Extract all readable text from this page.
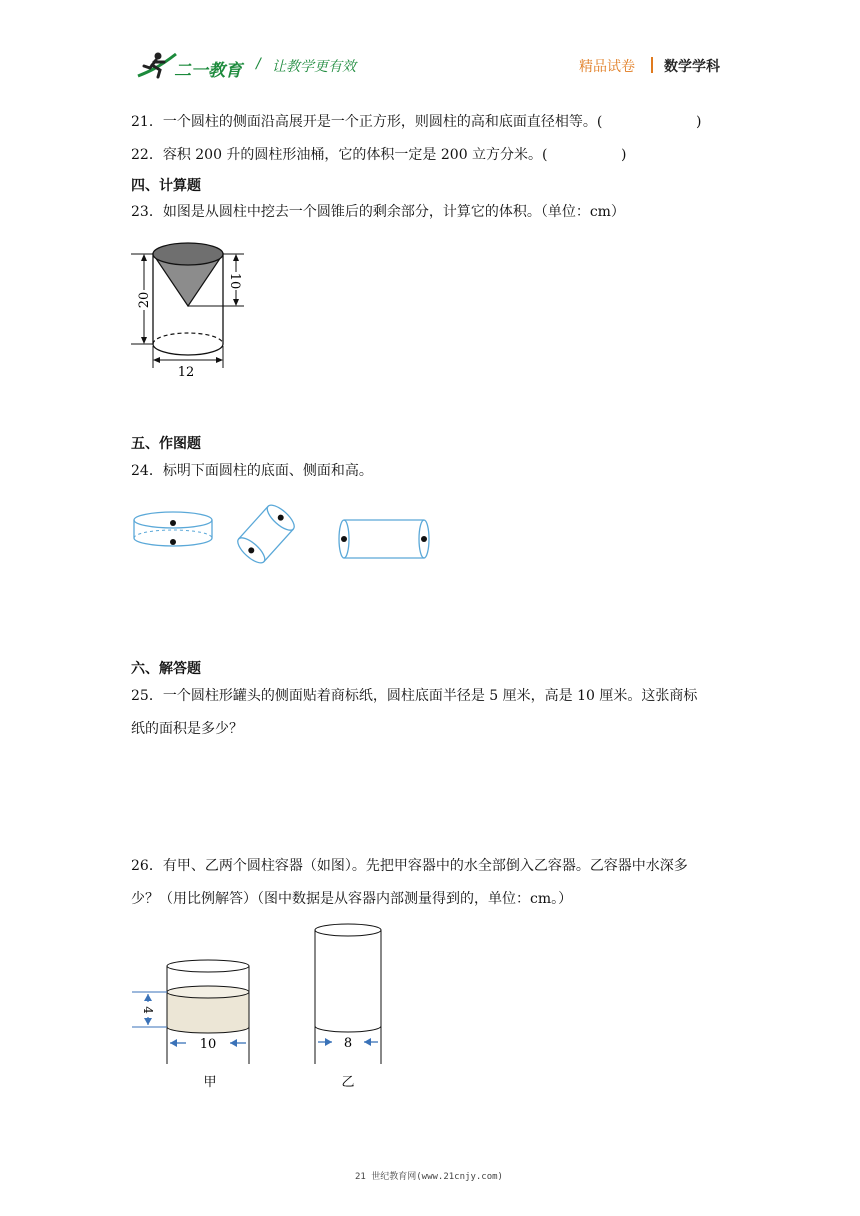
二一教育 / 让教学更有效	精品试卷 数学学科
21．一个圆柱的侧面沿高展开是一个正方形，则圆柱的高和底面直径相等。(	)
22．容积 200 升的圆柱形油桶，它的体积一定是 200 立方分米。(	)
四、计算题
23．如图是从圆柱中挖去一个圆锥后的剩余部分，计算它的体积。（单位：cm）
20
10
12
五、作图题
24．标明下面圆柱的底面、侧面和高。
六、解答题
25．一个圆柱形罐头的侧面贴着商标纸，圆柱底面半径是 5 厘米，高是 10 厘米。这张商标
纸的面积是多少？
26．有甲、乙两个圆柱容器（如图）。先把甲容器中的水全部倒入乙容器。乙容器中水深多
少？（用比例解答）（图中数据是从容器内部测量得到的，单位：cm。）
4
10
甲
8
乙
21 世纪教育网(www.21cnjy.com)
